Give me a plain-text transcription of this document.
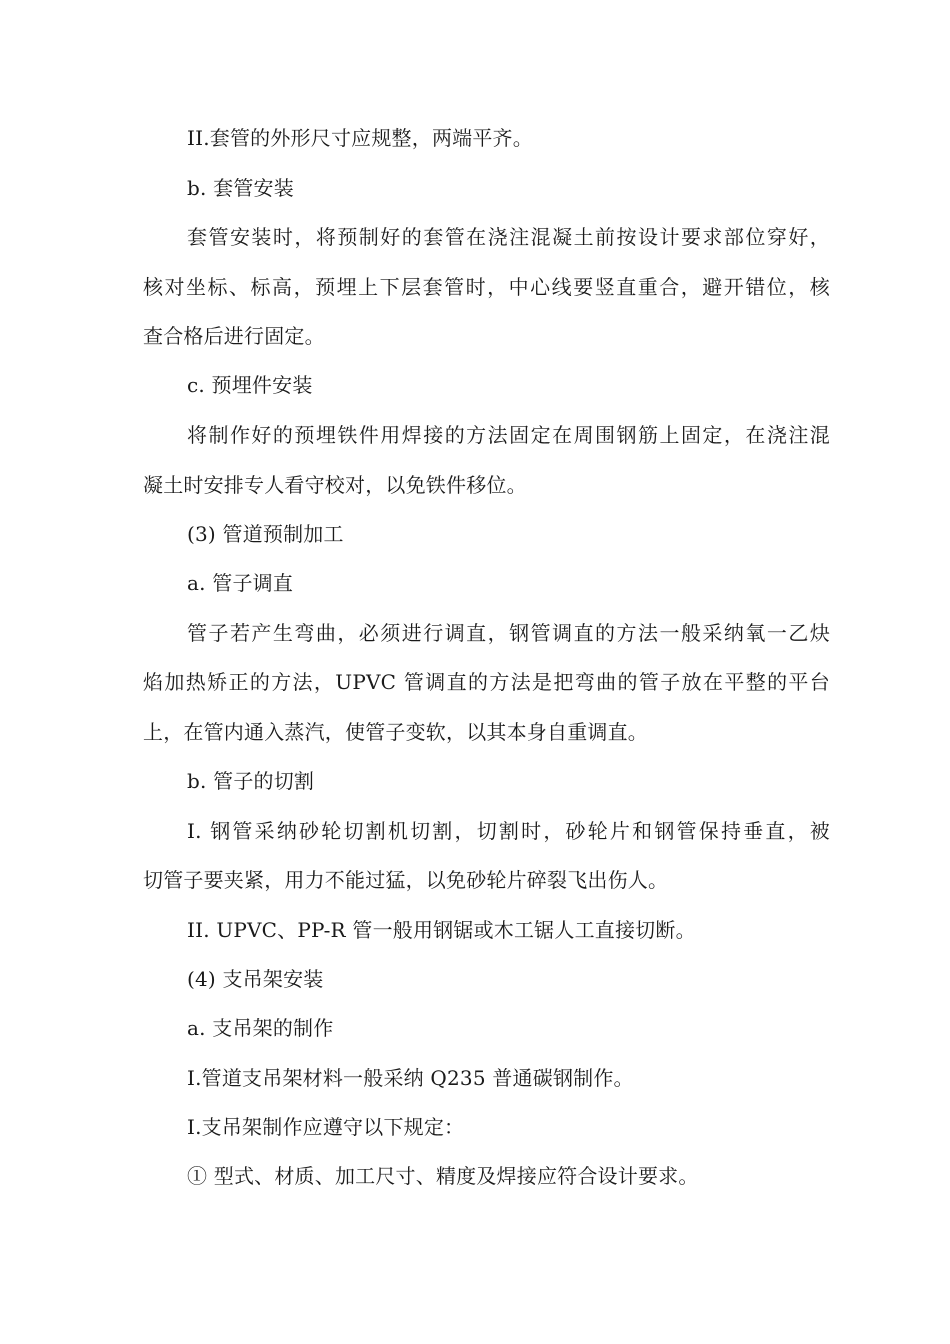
II.套管的外形尺寸应规整，两端平齐。
b. 套管安装
套管安装时，将预制好的套管在浇注混凝土前按设计要求部位穿好，
核对坐标、标高，预埋上下层套管时，中心线要竖直重合，避开错位，核
查合格后进行固定。
c. 预埋件安装
将制作好的预埋铁件用焊接的方法固定在周围钢筋上固定，在浇注混
凝土时安排专人看守校对，以免铁件移位。
(3) 管道预制加工
a. 管子调直
管子若产生弯曲，必须进行调直，钢管调直的方法一般采纳氧一乙炔
焰加热矫正的方法，UPVC 管调直的方法是把弯曲的管子放在平整的平台
上，在管内通入蒸汽，使管子变软，以其本身自重调直。
b. 管子的切割
I. 钢管采纳砂轮切割机切割，切割时，砂轮片和钢管保持垂直，被
切管子要夹紧，用力不能过猛，以免砂轮片碎裂飞出伤人。
II. UPVC、PP-R 管一般用钢锯或木工锯人工直接切断。
(4) 支吊架安装
a. 支吊架的制作
I.管道支吊架材料一般采纳 Q235 普通碳钢制作。
I.支吊架制作应遵守以下规定：
① 型式、材质、加工尺寸、精度及焊接应符合设计要求。
